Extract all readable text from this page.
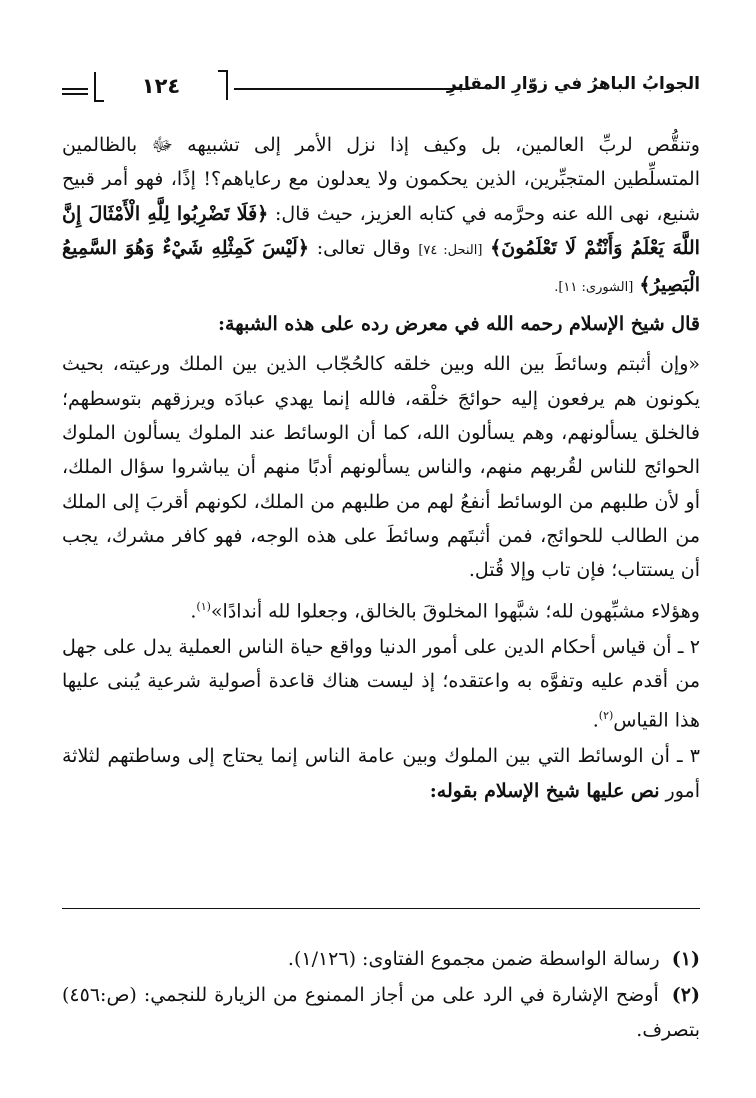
الجوابُ الباهرُ في زوّارِ المقابرِ
١٢٤

وتنقُّص لربِّ العالمين، بل وكيف إذا نزل الأمر إلى تشبيهه ﷻ بالظالمين المتسلِّطين المتجبِّرين، الذين يحكمون ولا يعدلون مع رعاياهم؟! إذًا، فهو أمر قبيح شنيع، نهى الله عنه وحرَّمه في كتابه العزيز، حيث قال: ﴿فَلَا تَضْرِبُوا لِلَّهِ الْأَمْثَالَ إِنَّ اللَّهَ يَعْلَمُ وَأَنْتُمْ لَا تَعْلَمُونَ﴾ [النحل: ٧٤] وقال تعالى: ﴿لَيْسَ كَمِثْلِهِ شَيْءٌ وَهُوَ السَّمِيعُ الْبَصِيرُ﴾ [الشورى: ١١].

قال شيخ الإسلام رحمه الله في معرض رده على هذه الشبهة:

«وإن أثبتم وسائطَ بين الله وبين خلقه كالحُجّاب الذين بين الملك ورعيته، بحيث يكونون هم يرفعون إليه حوائجَ خلْقه، فالله إنما يهدي عبادَه ويرزقهم بتوسطهم؛ فالخلق يسألونهم، وهم يسألون الله، كما أن الوسائط عند الملوك يسألون الملوك الحوائج للناس لقُربهم منهم، والناس يسألونهم أدبًا منهم أن يباشروا سؤال الملك، أو لأن طلبهم من الوسائط أنفعُ لهم من طلبهم من الملك، لكونهم أقربَ إلى الملك من الطالب للحوائج، فمن أثبتَهم وسائطَ على هذه الوجه، فهو كافر مشرك، يجب أن يستتاب؛ فإن تاب وإلا قُتل.

وهؤلاء مشبِّهون لله؛ شبَّهوا المخلوقَ بالخالق، وجعلوا لله أندادًا»$^{(١)}$.

٢ ـ أن قياس أحكام الدين على أمور الدنيا وواقع حياة الناس العملية يدل على جهل من أقدم عليه وتفوَّه به واعتقده؛ إذ ليست هناك قاعدة أصولية شرعية يُبنى عليها هذا القياس$^{(٢)}$.

٣ ـ أن الوسائط التي بين الملوك وبين عامة الناس إنما يحتاج إلى وساطتهم لثلاثة أمور نص عليها شيخ الإسلام بقوله:

(١) رسالة الواسطة ضمن مجموع الفتاوى: (١/١٢٦).

(٢) أوضح الإشارة في الرد على من أجاز الممنوع من الزيارة للنجمي: (ص:٤٥٦) بتصرف.
